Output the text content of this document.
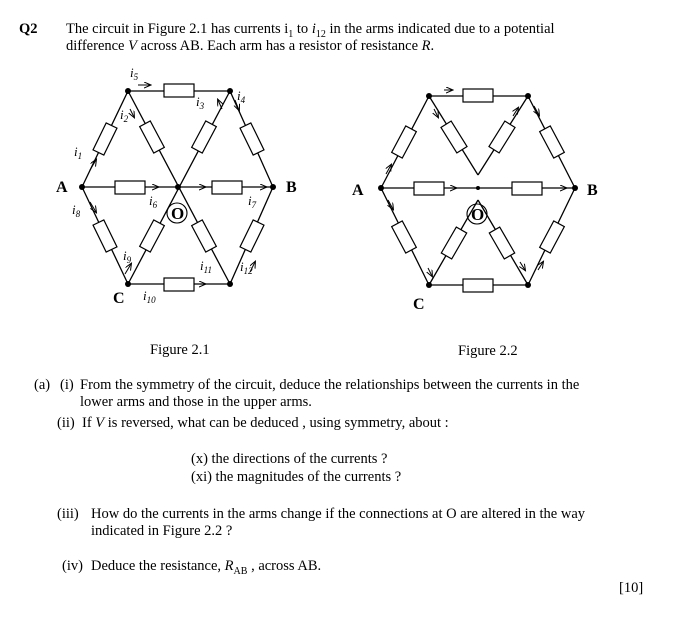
Q2 The circuit in Figure 2.1 has currents $i_1$ to $i_{12}$ in the arms indicated due to a potential
difference V across AB. Each arm has a resistor of resistance R.
A	B
C
O
$i_1$
$i_2$
$i_3$
$i_4$
$i_5$
$i_6$	$i_7$
$i_8$
$i_9$
$i_{10}$
$i_{11}$ $i_{12}$
A	B
C
O
Figure 2.1	Figure 2.2
(a) (i) From the symmetry of the circuit, deduce the relationships between the currents in the
lower arms and those in the upper arms.
(ii) If V is reversed, what can be deduced , using symmetry, about :
(x) the directions of the currents ?
(xi) the magnitudes of the currents ?
(iii) How do the currents in the arms change if the connections at O are altered in the way
indicated in Figure 2.2 ?
(iv) Deduce the resistance, $R_{AB}$ , across AB.
[10]
